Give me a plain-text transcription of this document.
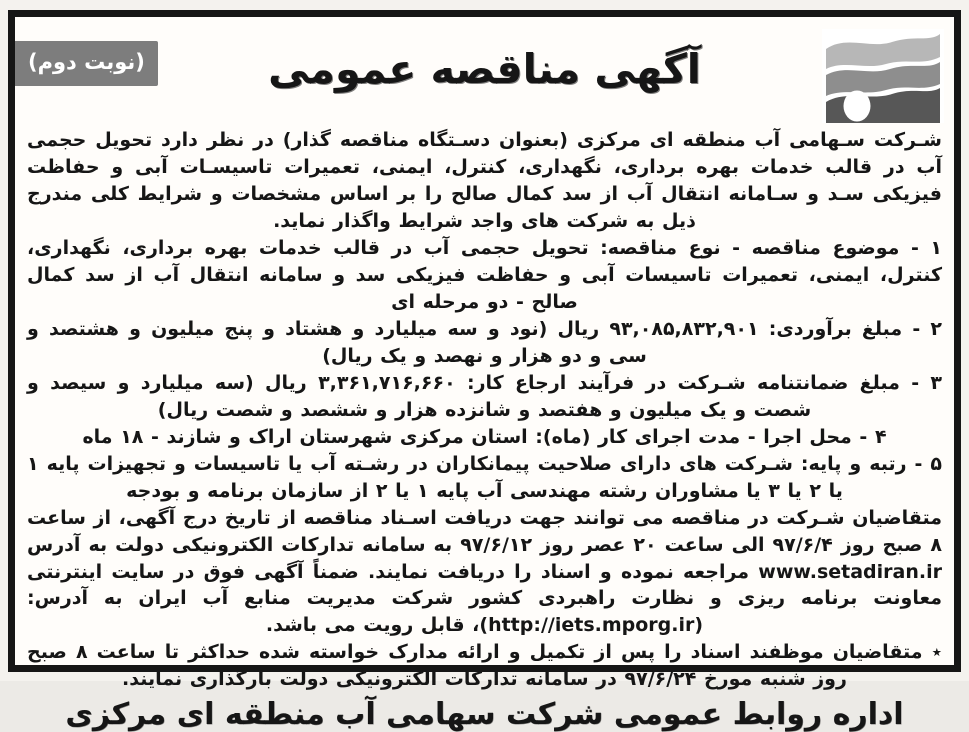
(نوبت دوم)	آگهی مناقصه عمومی

شـرکت سـهامی آب منطقه ای مرکزی (بعنوان دسـتگاه مناقصه گذار) در نظر دارد تحویل حجمی آب در قالب خدمات بهره برداری، نگهداری، کنترل، ایمنی، تعمیرات تاسیسـات آبی و حفاظت فیزیکی سـد و سـامانه انتقال آب از سد کمال صالح را بر اساس مشخصات و شرایط کلی مندرج ذیل به شرکت های واجد شرایط واگذار نماید.

۱ - موضوع مناقصه - نوع مناقصه: تحویل حجمی آب در قالب خدمات بهره برداری، نگهداری، کنترل، ایمنی، تعمیرات تاسیسات آبی و حفاظت فیزیکی سد و سامانه انتقال آب از سد کمال صالح - دو مرحله ای

۲ - مبلغ برآوردی: ۹۳,۰۸۵,۸۳۲,۹۰۱ ریال (نود و سه میلیارد و هشتاد و پنج میلیون و هشتصد و سی و دو هزار و نهصد و یک ریال)

۳ - مبلغ ضمانتنامه شـرکت در فرآیند ارجاع کار: ۳,۳۶۱,۷۱۶,۶۶۰ ریال (سه میلیارد و سیصد و شصت و یک میلیون و هفتصد و شانزده هزار و ششصد و شصت ریال)

۴ - محل اجرا - مدت اجرای کار (ماه): استان مرکزی شهرستان اراک و شازند - ۱۸ ماه

۵ - رتبه و پایه: شـرکت های دارای صلاحیت پیمانکاران در رشـته آب یا تاسیسات و تجهیزات پایه ۱ یا ۲ یا ۳ یا مشاوران رشته مهندسی آب پایه ۱ یا ۲ از سازمان برنامه و بودجه

متقاضیان شـرکت در مناقصه می توانند جهت دریافت اسـناد مناقصه از تاریخ درج آگهی، از ساعت ۸ صبح روز ۹۷/۶/۴ الی ساعت ۲۰ عصر روز ۹۷/۶/۱۲ به سامانه تدارکات الکترونیکی دولت به آدرس www.setadiran.ir مراجعه نموده و اسناد را دریافت نمایند. ضمناً آگهی فوق در سایت اینترنتی معاونت برنامه ریزی و نظارت راهبردی کشور شرکت مدیریت منابع آب ایران به آدرس: (http://iets.mporg.ir)، قابل رویت می باشد.

٭ متقاضیان موظفند اسناد را پس از تکمیل و ارائه مدارک خواسته شده حداکثر تا ساعت ۸ صبح روز شنبه مورخ ۹۷/۶/۲۴ در سامانه تدارکات الکترونیکی دولت بارگذاری نمایند.

اداره روابط عمومی شرکت سهامی آب منطقه ای مرکزی
